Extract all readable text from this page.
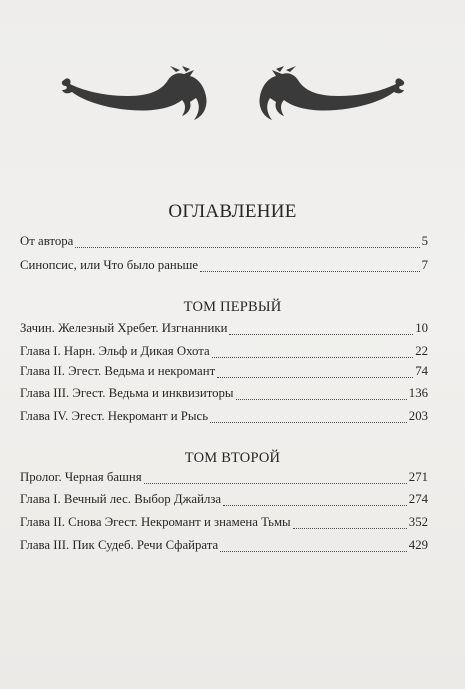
ОГЛАВЛЕНИЕ
От автора	5
Синопсис, или Что было раньше	7
ТОМ ПЕРВЫЙ
Зачин. Железный Хребет. Изгнанники	10
Глава I. Нарн. Эльф и Дикая Охота	22
Глава II. Эгест. Ведьма и некромант	74
Глава III. Эгест. Ведьма и инквизиторы	136
Глава IV. Эгест. Некромант и Рысь	203
ТОМ ВТОРОЙ
Пролог. Черная башня	271
Глава I. Вечный лес. Выбор Джайлза	274
Глава II. Снова Эгест. Некромант и знамена Тьмы	352
Глава III. Пик Судеб. Речи Сфайрата	429
